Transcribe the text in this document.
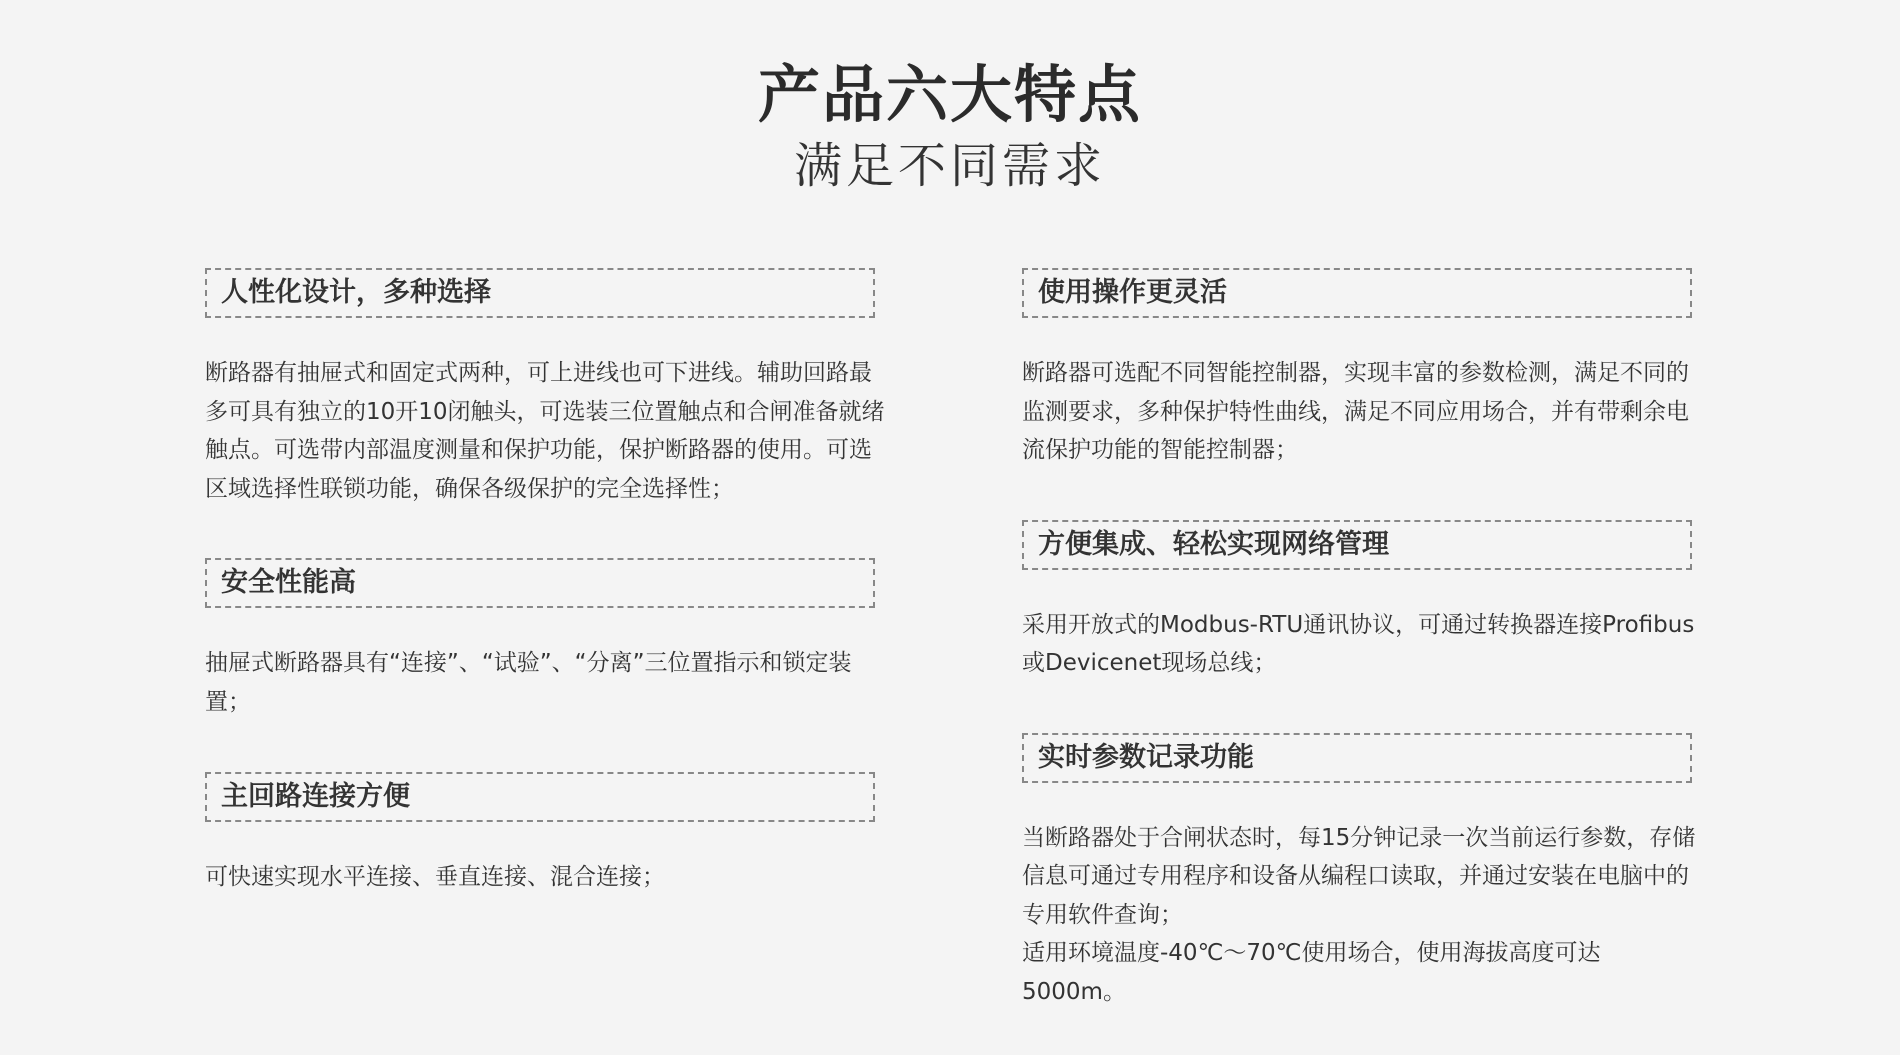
产品六大特点
满足不同需求
人性化设计，多种选择

断路器有抽屉式和固定式两种，可上进线也可下进线。辅助回路最多可具有独立的10开10闭触头，可选装三位置触点和合闸准备就绪触点。可选带内部温度测量和保护功能，保护断路器的使用。可选区域选择性联锁功能，确保各级保护的完全选择性；

安全性能高

抽屉式断路器具有“连接”、“试验”、“分离”三位置指示和锁定装置；

主回路连接方便

可快速实现水平连接、垂直连接、混合连接；

使用操作更灵活

断路器可选配不同智能控制器，实现丰富的参数检测，满足不同的监测要求，多种保护特性曲线，满足不同应用场合，并有带剩余电流保护功能的智能控制器；

方便集成、轻松实现网络管理

采用开放式的Modbus-RTU通讯协议，可通过转换器连接Profibus或Devicenet现场总线；

实时参数记录功能

当断路器处于合闸状态时，每15分钟记录一次当前运行参数，存储信息可通过专用程序和设备从编程口读取，并通过安装在电脑中的专用软件查询；

适用环境温度-40℃～70℃使用场合，使用海拔高度可达5000m。
